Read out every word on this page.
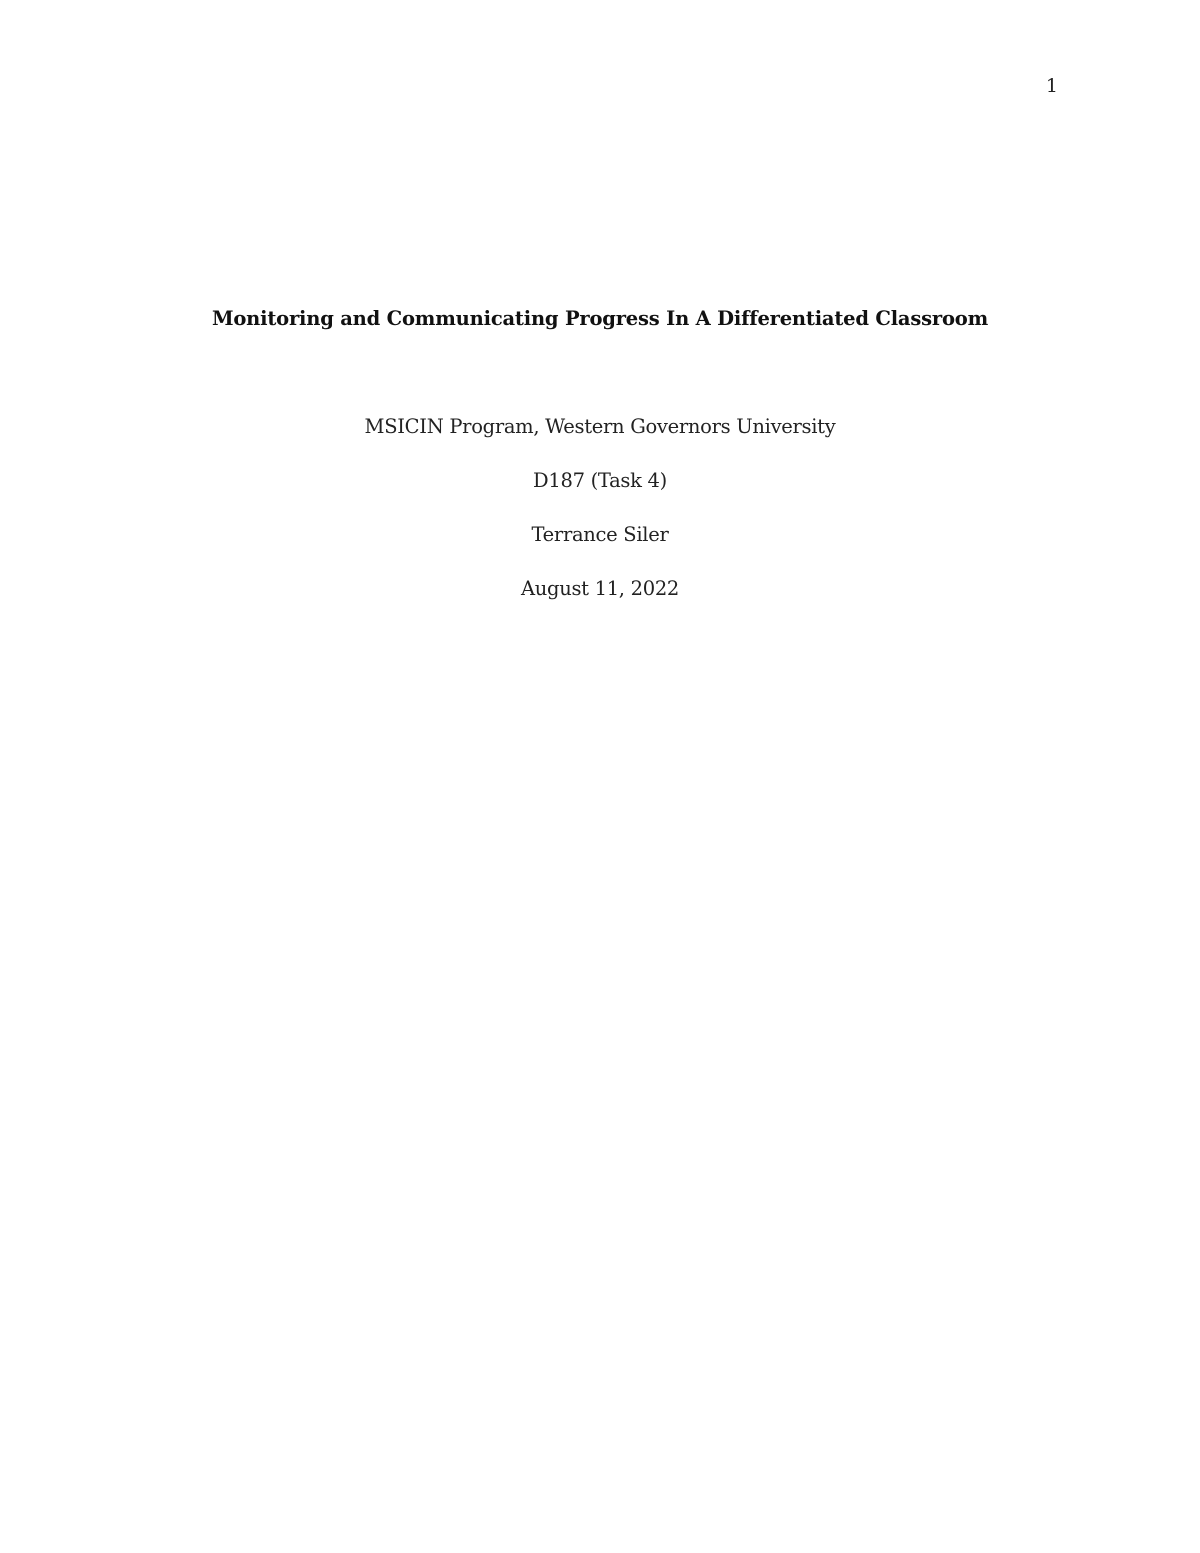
1
Monitoring and Communicating Progress In A Differentiated Classroom

MSICIN Program, Western Governors University

D187 (Task 4)

Terrance Siler

August 11, 2022
